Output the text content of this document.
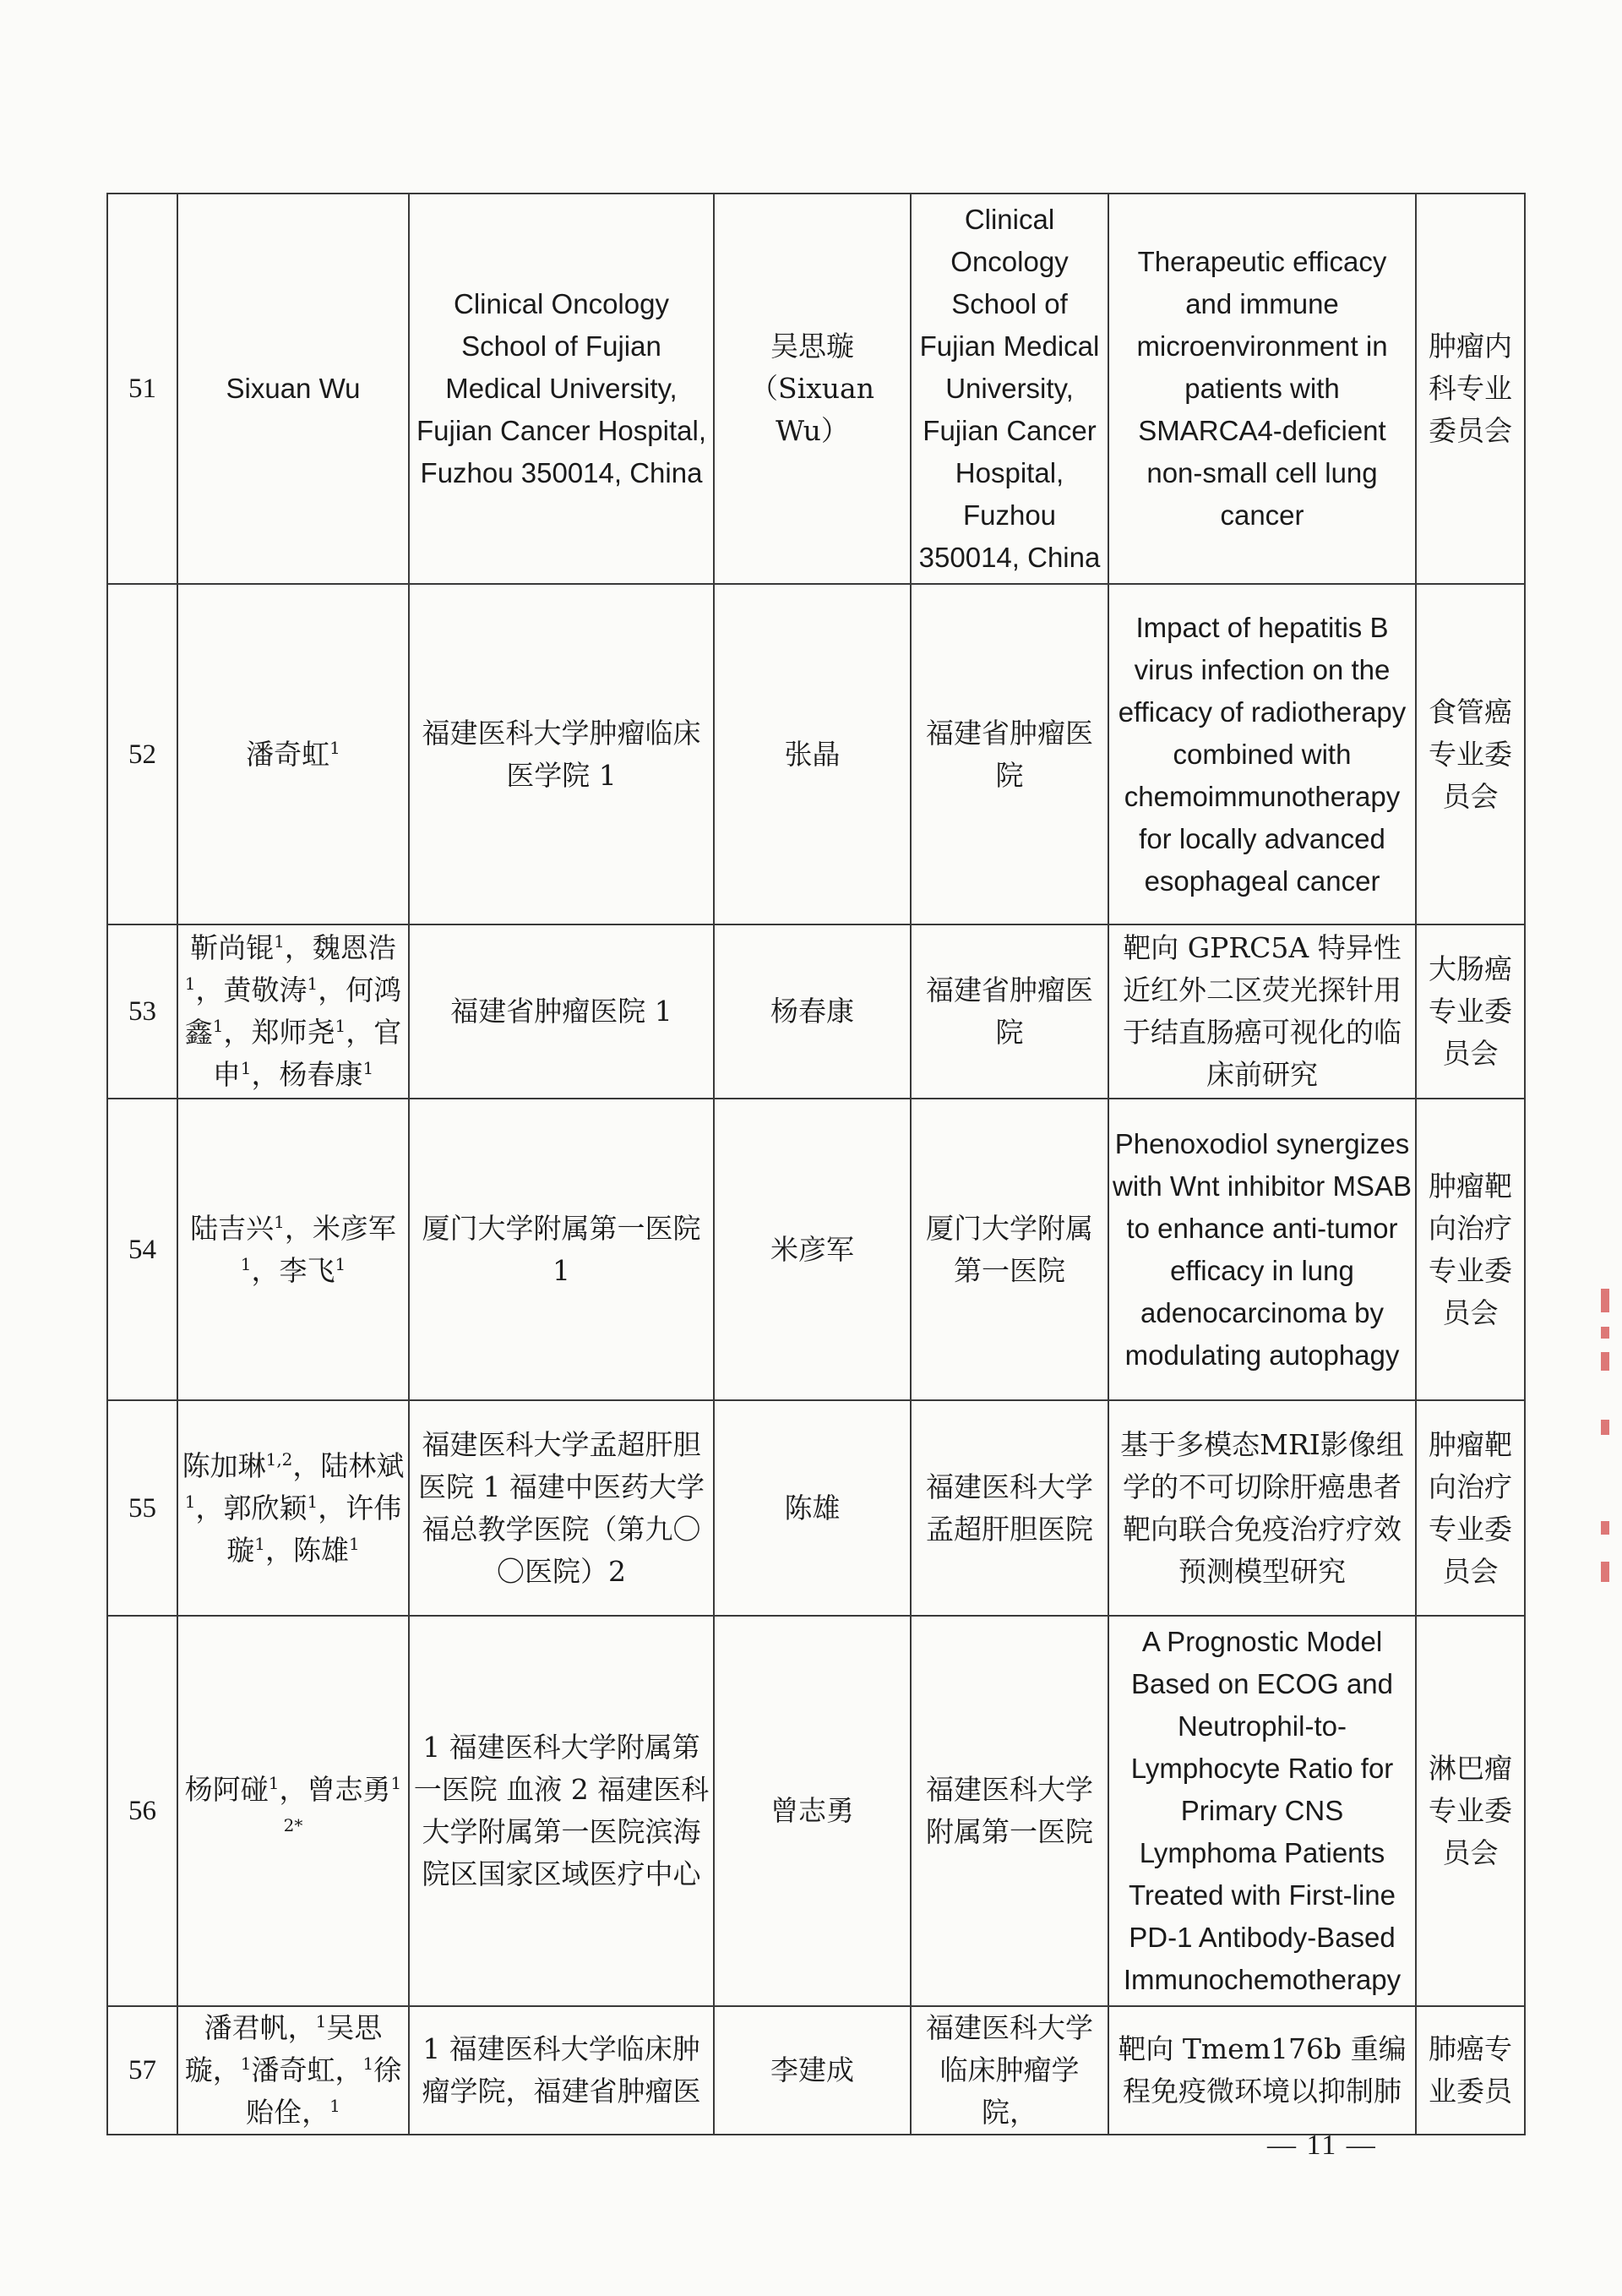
51	Sixuan Wu	Clinical Oncology School of Fujian Medical University, Fujian Cancer Hospital, Fuzhou 350014, China	吴思璇（Sixuan Wu）	Clinical Oncology School of Fujian Medical University, Fujian Cancer Hospital, Fuzhou 350014, China	Therapeutic efficacy and immune microenvironment in patients with SMARCA4-deficient non-small cell lung cancer	肿瘤内科专业委员会
52	潘奇虹$^1$	福建医科大学肿瘤临床医学院 1	张晶	福建省肿瘤医院	Impact of hepatitis B virus infection on the efficacy of radiotherapy combined with chemoimmunotherapy for locally advanced esophageal cancer	食管癌专业委员会
53	靳尚锟$^1$，魏恩浩$^1$，黄敬涛$^1$，何鸿鑫$^1$，郑师尧$^1$，官申$^1$，杨春康$^1$	福建省肿瘤医院 1	杨春康	福建省肿瘤医院	靶向 GPRC5A 特异性近红外二区荧光探针用于结直肠癌可视化的临床前研究	大肠癌专业委员会
54	陆吉兴$^1$，米彦军$^1$，李飞$^1$	厦门大学附属第一医院 1	米彦军	厦门大学附属第一医院	Phenoxodiol synergizes with Wnt inhibitor MSAB to enhance anti-tumor efficacy in lung adenocarcinoma by modulating autophagy	肿瘤靶向治疗专业委员会
55	陈加琳$^{1,2}$，陆林斌$^1$，郭欣颖$^1$，许伟璇$^1$，陈雄$^1$	福建医科大学孟超肝胆医院 1 福建中医药大学福总教学医院（第九〇〇医院）2	陈雄	福建医科大学孟超肝胆医院	基于多模态MRI影像组学的不可切除肝癌患者靶向联合免疫治疗疗效预测模型研究	肿瘤靶向治疗专业委员会
56	杨阿碰$^1$，曾志勇$^{1 2*}$	1 福建医科大学附属第一医院 血液 2 福建医科大学附属第一医院滨海院区国家区域医疗中心	曾志勇	福建医科大学附属第一医院	A Prognostic Model Based on ECOG and Neutrophil-to-Lymphocyte Ratio for Primary CNS Lymphoma Patients Treated with First-line PD-1 Antibody-Based Immunochemotherapy	淋巴瘤专业委员会
57	潘君帆，$^1$吴思璇，$^1$潘奇虹，$^1$徐贻佺，$^1$	1 福建医科大学临床肿瘤学院，福建省肿瘤医	李建成	福建医科大学临床肿瘤学院，	靶向 Tmem176b 重编程免疫微环境以抑制肺	肺癌专业委员
— 11 —
